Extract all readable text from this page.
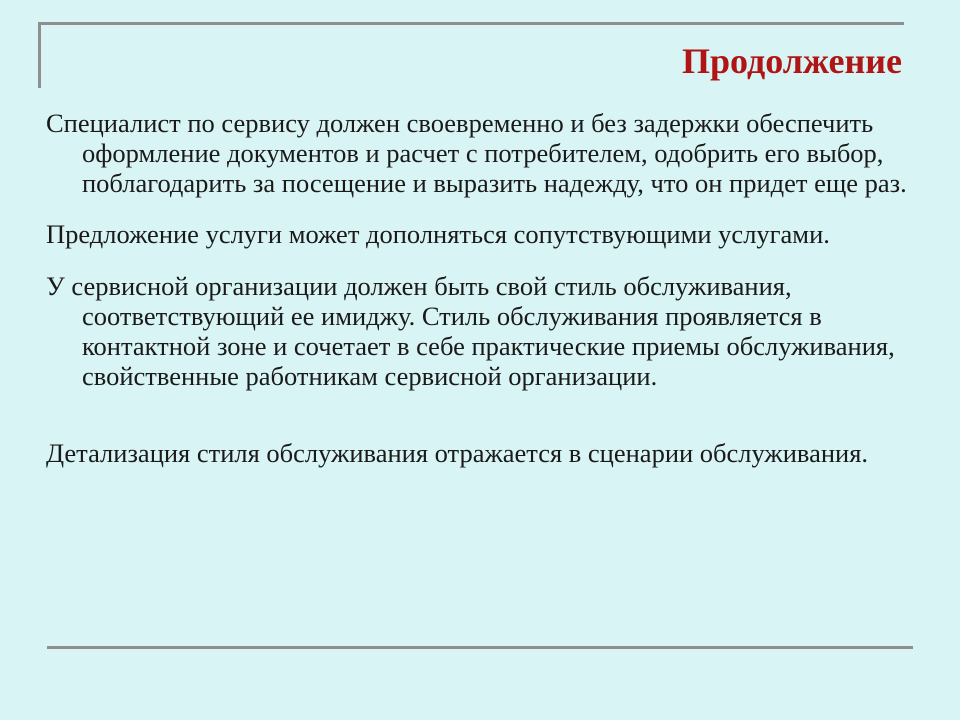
Продолжение

Специалист по сервису должен своевременно и без задержки обеспечить оформление документов и расчет с потребителем, одобрить его выбор, поблагодарить за посещение и выразить надежду, что он придет еще раз.

Предложение услуги может дополняться сопутствующими услугами.

У сервисной организации должен быть свой стиль обслуживания, соответствующий ее имиджу. Стиль обслуживания проявляется в контактной зоне и сочетает в себе практические приемы обслуживания, свойственные работникам сервисной организации.

Детализация стиля обслуживания отражается в сценарии обслуживания.
